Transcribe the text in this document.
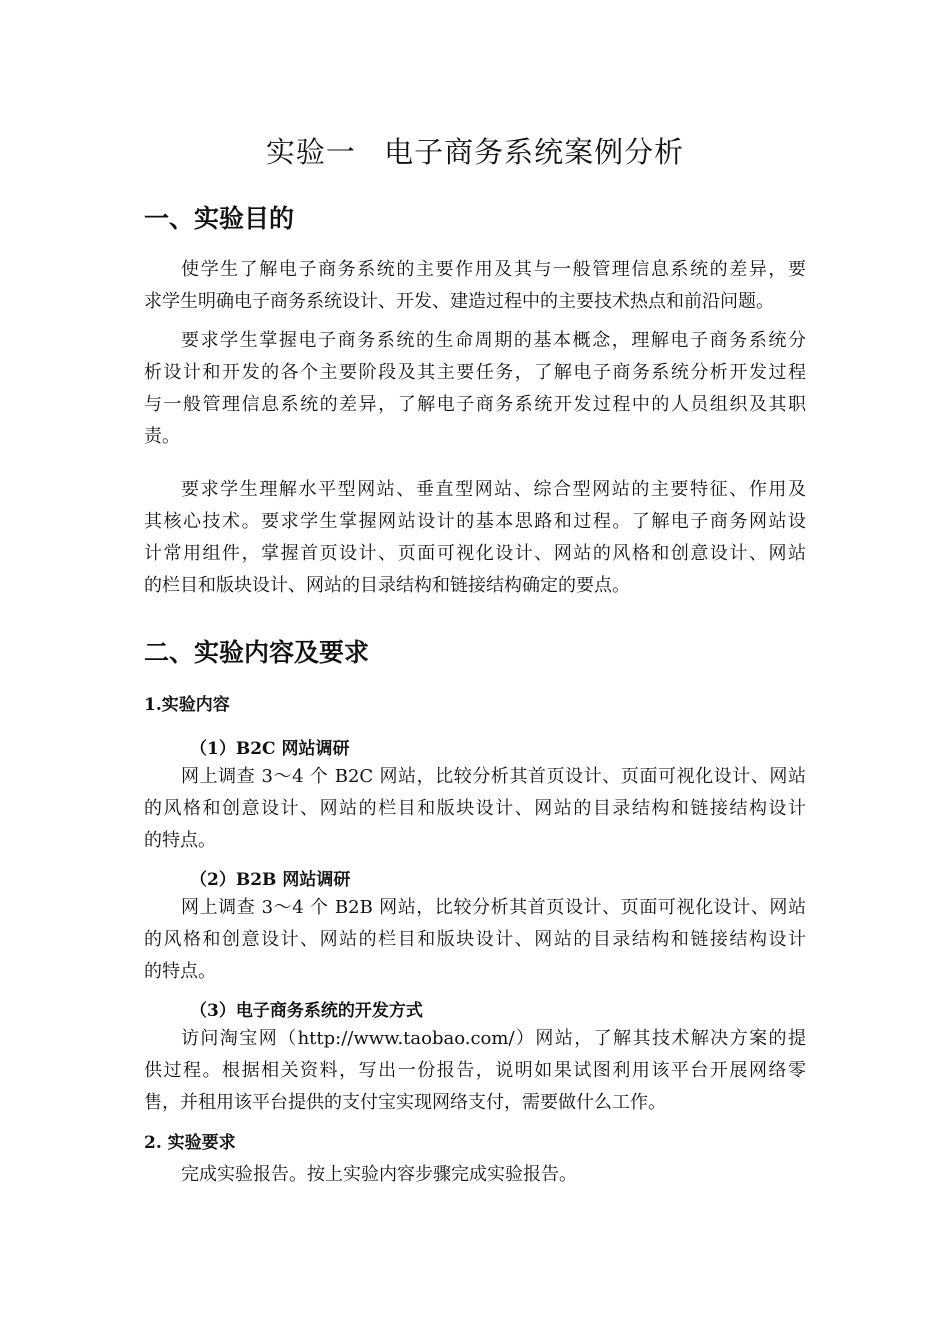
实验一 电子商务系统案例分析
一、实验目的
使学生了解电子商务系统的主要作用及其与一般管理信息系统的差异，要
求学生明确电子商务系统设计、开发、建造过程中的主要技术热点和前沿问题。
要求学生掌握电子商务系统的生命周期的基本概念，理解电子商务系统分
析设计和开发的各个主要阶段及其主要任务，了解电子商务系统分析开发过程
与一般管理信息系统的差异，了解电子商务系统开发过程中的人员组织及其职
责。
要求学生理解水平型网站、垂直型网站、综合型网站的主要特征、作用及
其核心技术。要求学生掌握网站设计的基本思路和过程。了解电子商务网站设
计常用组件，掌握首页设计、页面可视化设计、网站的风格和创意设计、网站
的栏目和版块设计、网站的目录结构和链接结构确定的要点。
二、实验内容及要求
1.实验内容
（1）B2C 网站调研
网上调查 3～4 个 B2C 网站，比较分析其首页设计、页面可视化设计、网站
的风格和创意设计、网站的栏目和版块设计、网站的目录结构和链接结构设计
的特点。
（2）B2B 网站调研
网上调查 3～4 个 B2B 网站，比较分析其首页设计、页面可视化设计、网站
的风格和创意设计、网站的栏目和版块设计、网站的目录结构和链接结构设计
的特点。
（3）电子商务系统的开发方式
访问淘宝网（http://www.taobao.com/）网站，了解其技术解决方案的提
供过程。根据相关资料，写出一份报告，说明如果试图利用该平台开展网络零
售，并租用该平台提供的支付宝实现网络支付，需要做什么工作。
2. 实验要求
完成实验报告。按上实验内容步骤完成实验报告。
